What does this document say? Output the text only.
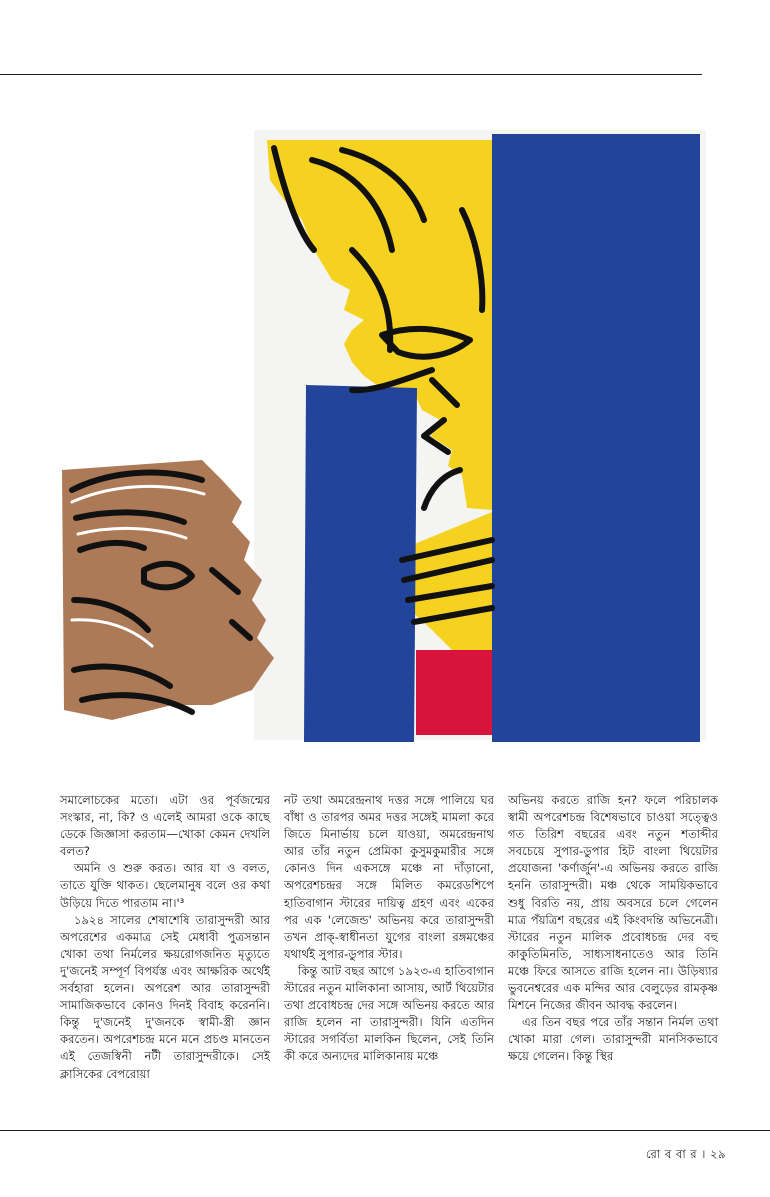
সমালোচকের মতো। এটা ওর পূর্বজন্মের সংস্কার, না, কি? ও এলেই আমরা ওকে কাছে ডেকে জিজ্ঞাসা করতাম—খোকা কেমন দেখলি বলত?

অমনি ও শুরু করত। আর যা ও বলত, তাতে যুক্তি থাকত। ছেলেমানুষ বলে ওর কথা উড়িয়ে দিতে পারতাম না।'³

১৯২৪ সালের শেষাশেষি তারাসুন্দরী আর অপরেশের একমাত্র সেই মেধাবী পুত্রসন্তান খোকা তথা নির্মলের ক্ষয়রোগজনিত মৃত্যুতে দু'জনেই সম্পূর্ণ বিপর্যস্ত এবং আক্ষরিক অর্থেই সর্বহারা হলেন। অপরেশ আর তারাসুন্দরী সামাজিকভাবে কোনও দিনই বিবাহ করেননি। কিন্তু দু'জনেই দু'জনকে স্বামী-স্ত্রী জ্ঞান করতেন। অপরেশচন্দ্র মনে মনে প্রচণ্ড মানতেন এই তেজস্বিনী নটী তারাসুন্দরীকে। সেই ক্লাসিকের বেপরোয়া

নট তথা অমরেন্দ্রনাথ দত্তর সঙ্গে পালিয়ে ঘর বাঁধা ও তারপর অমর দত্তর সঙ্গেই মামলা করে জিতে মিনার্ভায় চলে যাওয়া, অমরেন্দ্রনাথ আর তাঁর নতুন প্রেমিকা কুসুমকুমারীর সঙ্গে কোনও দিন একসঙ্গে মঞ্চে না দাঁড়ানো, অপরেশচন্দ্রর সঙ্গে মিলিত কমরেডশিপে হাতিবাগান স্টারের দায়িত্ব গ্রহণ এবং একের পর এক 'লেজেন্ড' অভিনয় করে তারাসুন্দরী তখন প্রাক্-স্বাধীনতা যুগের বাংলা রঙ্গমঞ্চের যথার্থই সুপার-ডুপার স্টার।

কিন্তু আট বছর আগে ১৯২৩-এ হাতিবাগান স্টারের নতুন মালিকানা আসায়, আর্ট থিয়েটার তথা প্রবোধচন্দ্র দের সঙ্গে অভিনয় করতে আর রাজি হলেন না তারাসুন্দরী। যিনি এতদিন স্টারের সগর্বিতা মালকিন ছিলেন, সেই তিনি কী করে অন্যদের মালিকানায় মঞ্চে

অভিনয় করতে রাজি হন? ফলে পরিচালক স্বামী অপরেশচন্দ্র বিশেষভাবে চাওয়া সত্ত্বেও গত তিরিশ বছরের এবং নতুন শতাব্দীর সবচেয়ে সুপার-ডুপার হিট বাংলা থিয়েটার প্রযোজনা 'কর্ণার্জুন'-এ অভিনয় করতে রাজি হননি তারাসুন্দরী। মঞ্চ থেকে সাময়িকভাবে শুধু বিরতি নয়, প্রায় অবসরে চলে গেলেন মাত্র পঁয়ত্রিশ বছরের এই কিংবদন্তি অভিনেত্রী। স্টারের নতুন মালিক প্রবোধচন্দ্র দের বহু কাকুতিমিনতি, সাধ্যসাধনাতেও আর তিনি মঞ্চে ফিরে আসতে রাজি হলেন না। উড়িষ্যার ভুবনেশ্বরের এক মন্দির আর বেলুড়ের রামকৃষ্ণ মিশনে নিজের জীবন আবদ্ধ করলেন।

এর তিন বছর পরে তাঁর সন্তান নির্মল তথা খোকা মারা গেল। তারাসুন্দরী মানসিকভাবে ক্ষয়ে গেলেন। কিন্তু স্থির

রো ব বা র । ২৯
